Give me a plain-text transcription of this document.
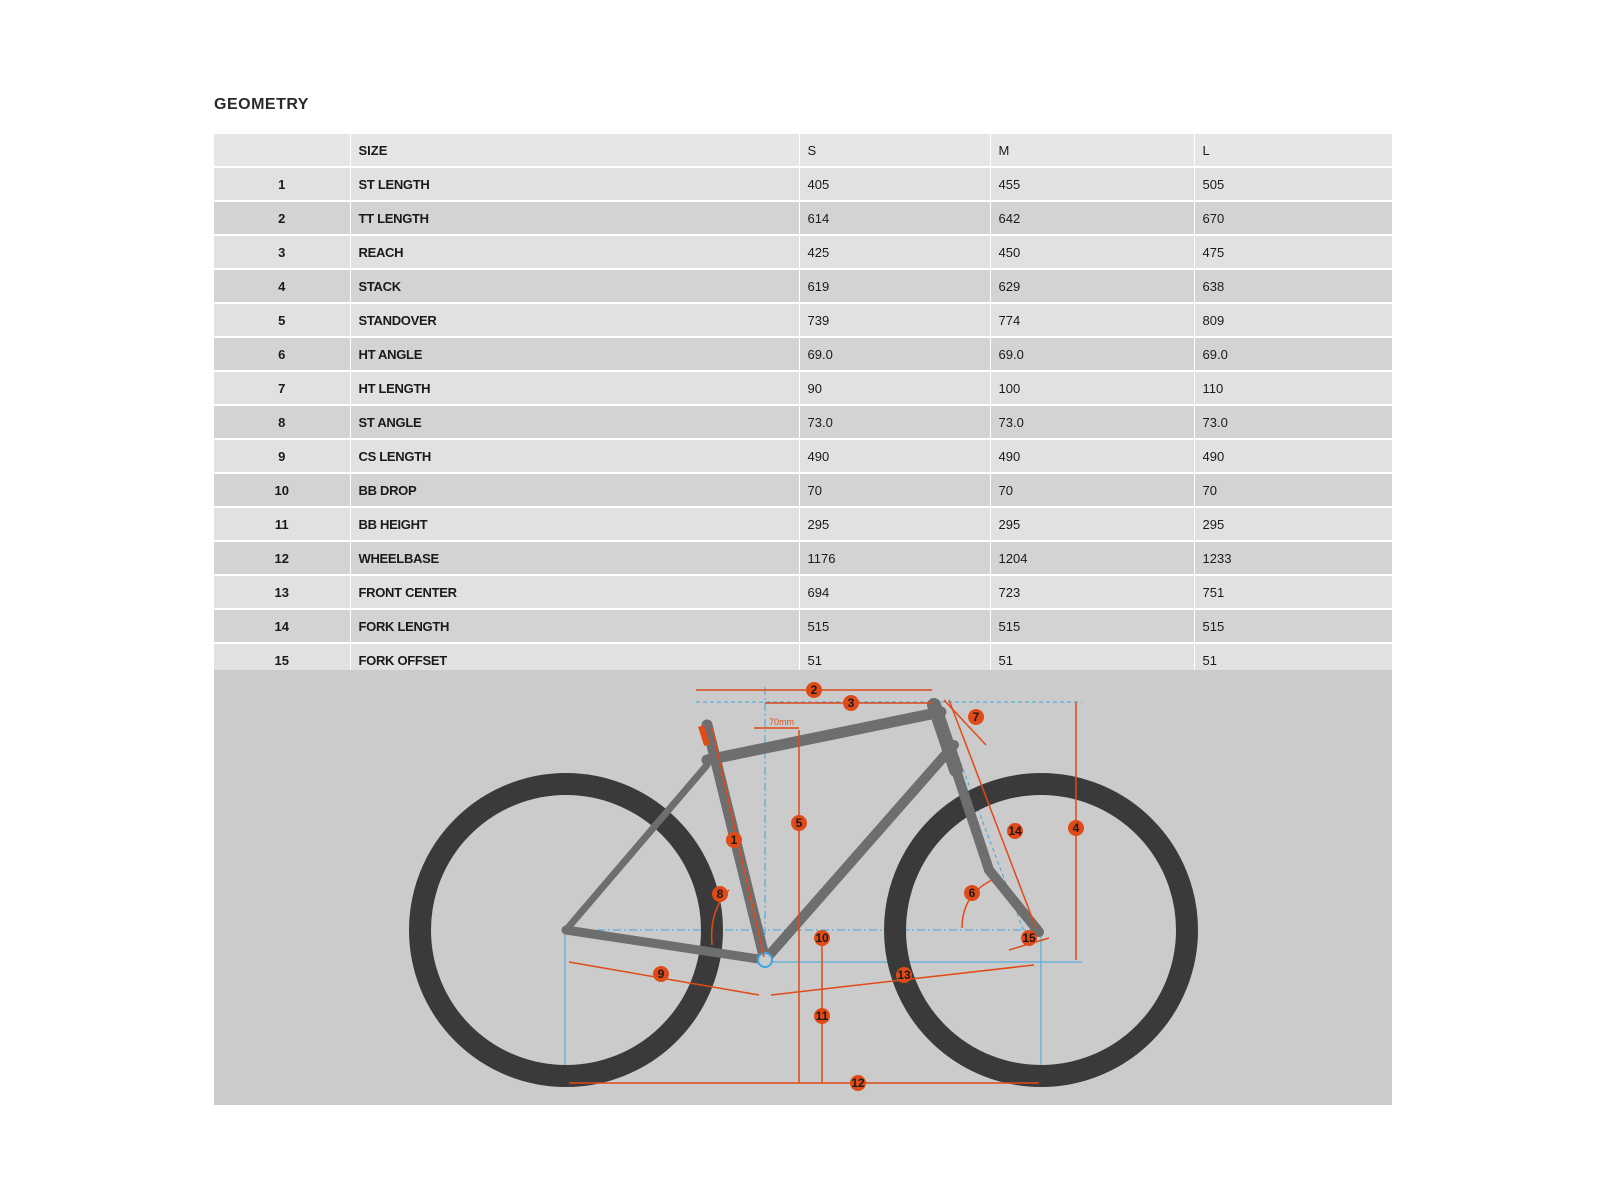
GEOMETRY
	SIZE	S	M	L
1	ST LENGTH	405	455	505
2	TT LENGTH	614	642	670
3	REACH	425	450	475
4	STACK	619	629	638
5	STANDOVER	739	774	809
6	HT ANGLE	69.0	69.0	69.0
7	HT LENGTH	90	100	110
8	ST ANGLE	73.0	73.0	73.0
9	CS LENGTH	490	490	490
10	BB DROP	70	70	70
11	BB HEIGHT	295	295	295
12	WHEELBASE	1176	1204	1233
13	FRONT CENTER	694	723	751
14	FORK LENGTH	515	515	515
15	FORK OFFSET	51	51	51
70mm
1
2
3
4
5
6
7
8
9
10
11
12
13
14
15
